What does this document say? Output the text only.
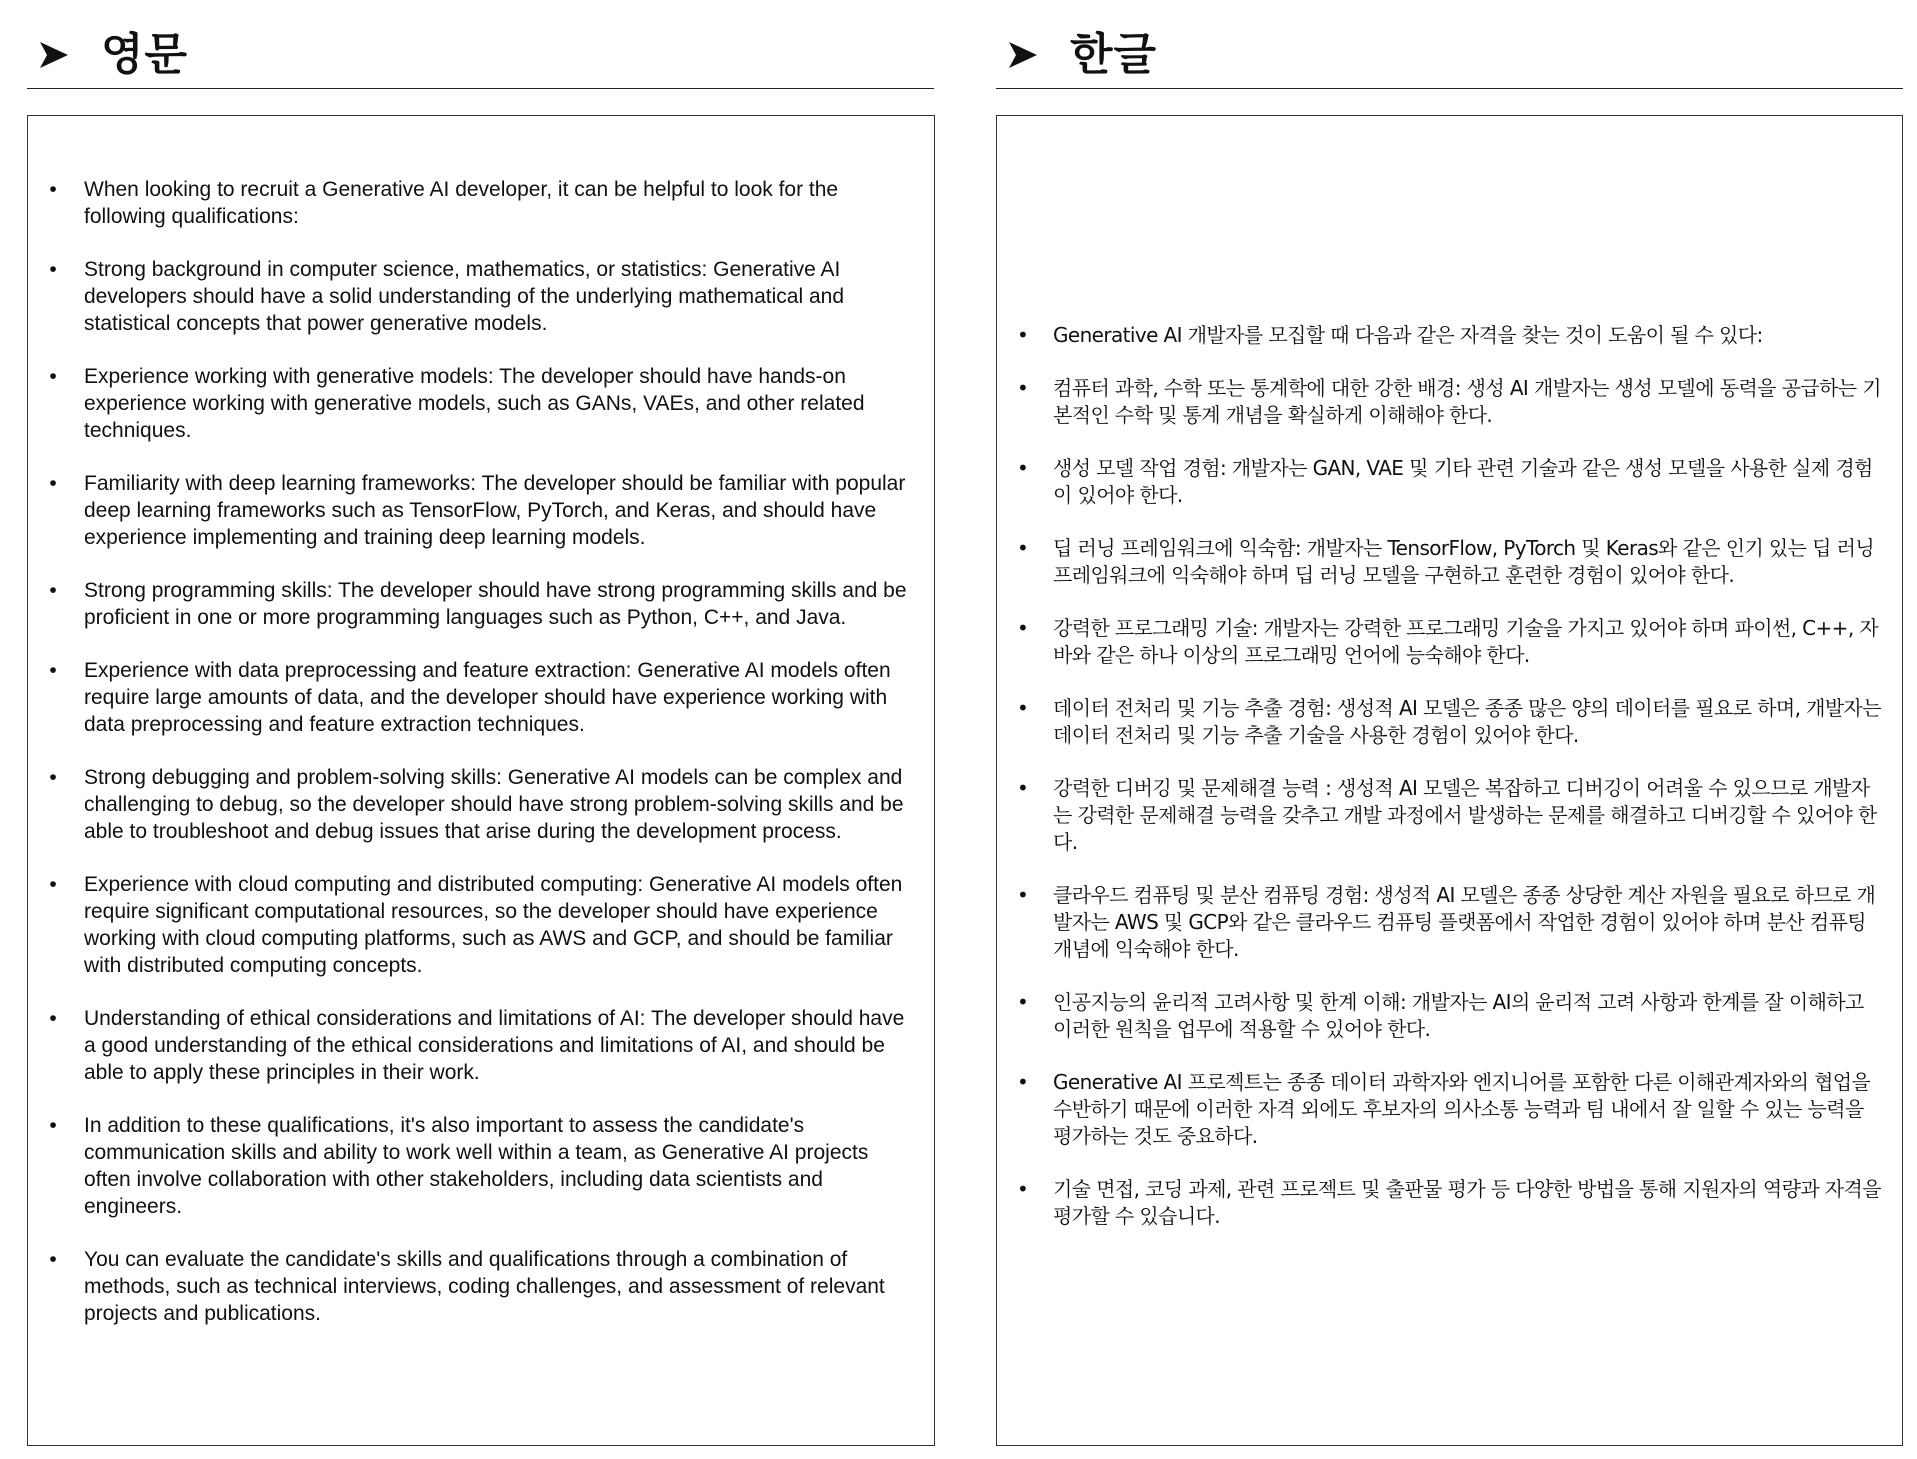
영문	한글
• When looking to recruit a Generative AI developer, it can be helpful to look for the following qualifications:
• Strong background in computer science, mathematics, or statistics: Generative AI developers should have a solid understanding of the underlying mathematical and statistical concepts that power generative models.
• Experience working with generative models: The developer should have hands-on experience working with generative models, such as GANs, VAEs, and other related techniques.
• Familiarity with deep learning frameworks: The developer should be familiar with popular deep learning frameworks such as TensorFlow, PyTorch, and Keras, and should have experience implementing and training deep learning models.
• Strong programming skills: The developer should have strong programming skills and be proficient in one or more programming languages such as Python, C++, and Java.
• Experience with data preprocessing and feature extraction: Generative AI models often require large amounts of data, and the developer should have experience working with data preprocessing and feature extraction techniques.
• Strong debugging and problem-solving skills: Generative AI models can be complex and challenging to debug, so the developer should have strong problem-solving skills and be able to troubleshoot and debug issues that arise during the development process.
• Experience with cloud computing and distributed computing: Generative AI models often require significant computational resources, so the developer should have experience working with cloud computing platforms, such as AWS and GCP, and should be familiar with distributed computing concepts.
• Understanding of ethical considerations and limitations of AI: The developer should have a good understanding of the ethical considerations and limitations of AI, and should be able to apply these principles in their work.
• In addition to these qualifications, it's also important to assess the candidate's communication skills and ability to work well within a team, as Generative AI projects often involve collaboration with other stakeholders, including data scientists and engineers.
• You can evaluate the candidate's skills and qualifications through a combination of methods, such as technical interviews, coding challenges, and assessment of relevant projects and publications.
• Generative AI 개발자를 모집할 때 다음과 같은 자격을 찾는 것이 도움이 될 수 있다:
• 컴퓨터 과학, 수학 또는 통계학에 대한 강한 배경: 생성 AI 개발자는 생성 모델에 동력을 공급하는 기본적인 수학 및 통계 개념을 확실하게 이해해야 한다.
• 생성 모델 작업 경험: 개발자는 GAN, VAE 및 기타 관련 기술과 같은 생성 모델을 사용한 실제 경험이 있어야 한다.
• 딥 러닝 프레임워크에 익숙함: 개발자는 TensorFlow, PyTorch 및 Keras와 같은 인기 있는 딥 러닝 프레임워크에 익숙해야 하며 딥 러닝 모델을 구현하고 훈련한 경험이 있어야 한다.
• 강력한 프로그래밍 기술: 개발자는 강력한 프로그래밍 기술을 가지고 있어야 하며 파이썬, C++, 자바와 같은 하나 이상의 프로그래밍 언어에 능숙해야 한다.
• 데이터 전처리 및 기능 추출 경험: 생성적 AI 모델은 종종 많은 양의 데이터를 필요로 하며, 개발자는 데이터 전처리 및 기능 추출 기술을 사용한 경험이 있어야 한다.
• 강력한 디버깅 및 문제해결 능력 : 생성적 AI 모델은 복잡하고 디버깅이 어려울 수 있으므로 개발자는 강력한 문제해결 능력을 갖추고 개발 과정에서 발생하는 문제를 해결하고 디버깅할 수 있어야 한다.
• 클라우드 컴퓨팅 및 분산 컴퓨팅 경험: 생성적 AI 모델은 종종 상당한 계산 자원을 필요로 하므로 개발자는 AWS 및 GCP와 같은 클라우드 컴퓨팅 플랫폼에서 작업한 경험이 있어야 하며 분산 컴퓨팅 개념에 익숙해야 한다.
• 인공지능의 윤리적 고려사항 및 한계 이해: 개발자는 AI의 윤리적 고려 사항과 한계를 잘 이해하고 이러한 원칙을 업무에 적용할 수 있어야 한다.
• Generative AI 프로젝트는 종종 데이터 과학자와 엔지니어를 포함한 다른 이해관계자와의 협업을 수반하기 때문에 이러한 자격 외에도 후보자의 의사소통 능력과 팀 내에서 잘 일할 수 있는 능력을 평가하는 것도 중요하다.
• 기술 면접, 코딩 과제, 관련 프로젝트 및 출판물 평가 등 다양한 방법을 통해 지원자의 역량과 자격을 평가할 수 있습니다.
